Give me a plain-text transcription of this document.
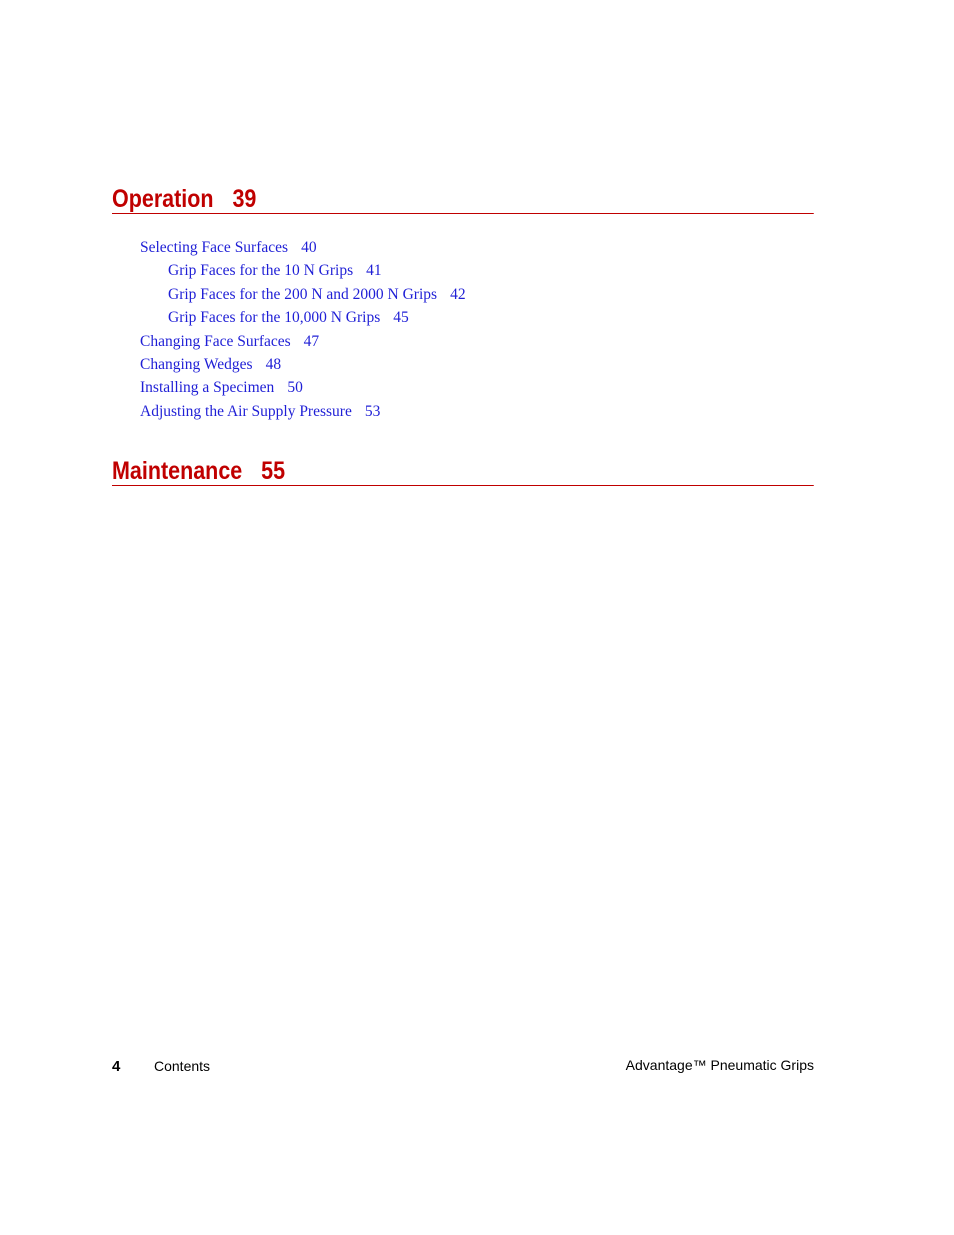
Operation 39
Selecting Face Surfaces 40
Grip Faces for the 10 N Grips 41
Grip Faces for the 200 N and 2000 N Grips 42
Grip Faces for the 10,000 N Grips 45
Changing Face Surfaces 47
Changing Wedges 48
Installing a Specimen 50
Adjusting the Air Supply Pressure 53
Maintenance 55
4 Contents	Advantage™ Pneumatic Grips
